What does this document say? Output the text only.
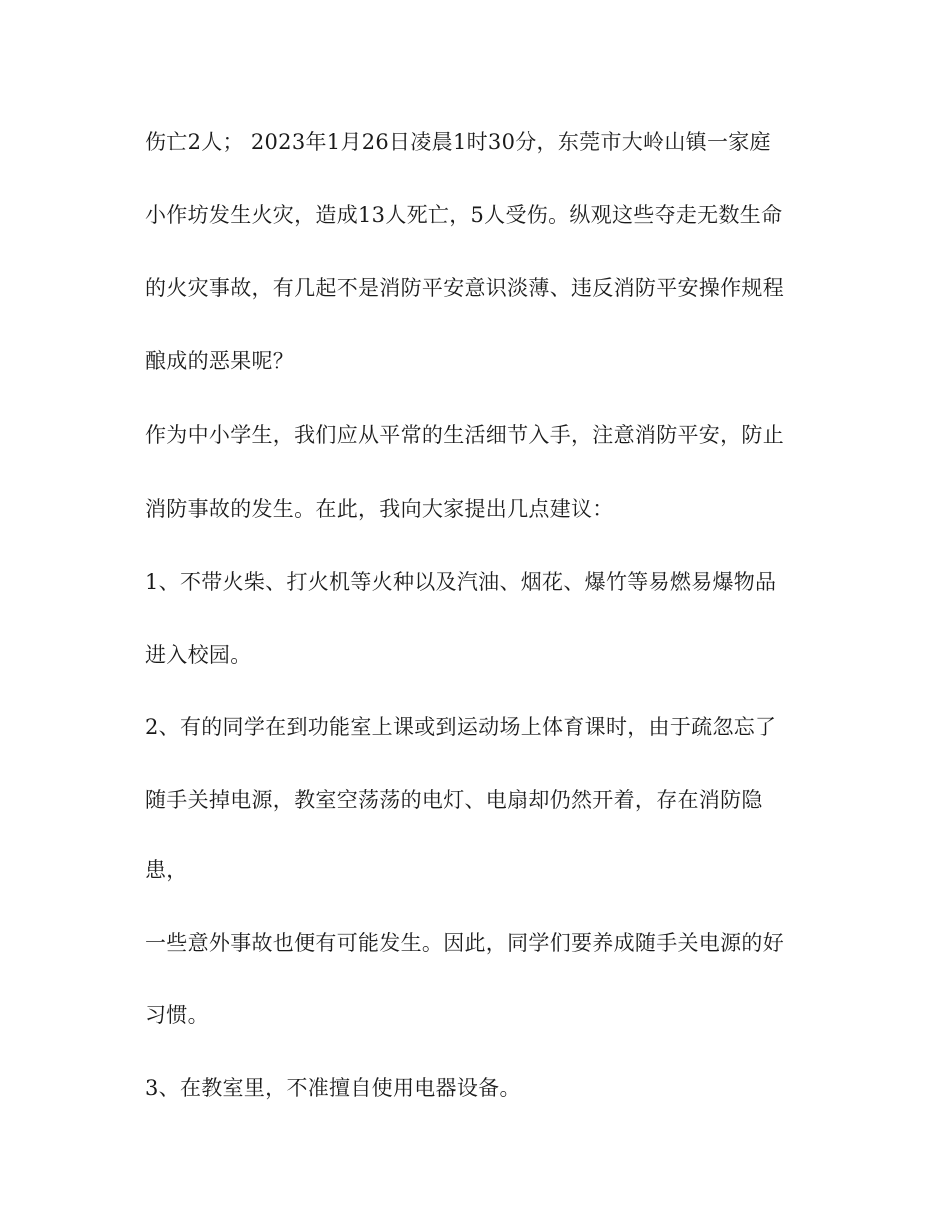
伤亡2人； 2023年1月26日凌晨1时30分，东莞市大岭山镇一家庭

小作坊发生火灾，造成13人死亡，5人受伤。纵观这些夺走无数生命

的火灾事故，有几起不是消防平安意识淡薄、违反消防平安操作规程

酿成的恶果呢？

作为中小学生，我们应从平常的生活细节入手，注意消防平安，防止

消防事故的发生。在此，我向大家提出几点建议：

1、不带火柴、打火机等火种以及汽油、烟花、爆竹等易燃易爆物品

进入校园。

2、有的同学在到功能室上课或到运动场上体育课时，由于疏忽忘了

随手关掉电源，教室空荡荡的电灯、电扇却仍然开着，存在消防隐

患，

一些意外事故也便有可能发生。因此，同学们要养成随手关电源的好

习惯。

3、在教室里，不准擅自使用电器设备。
